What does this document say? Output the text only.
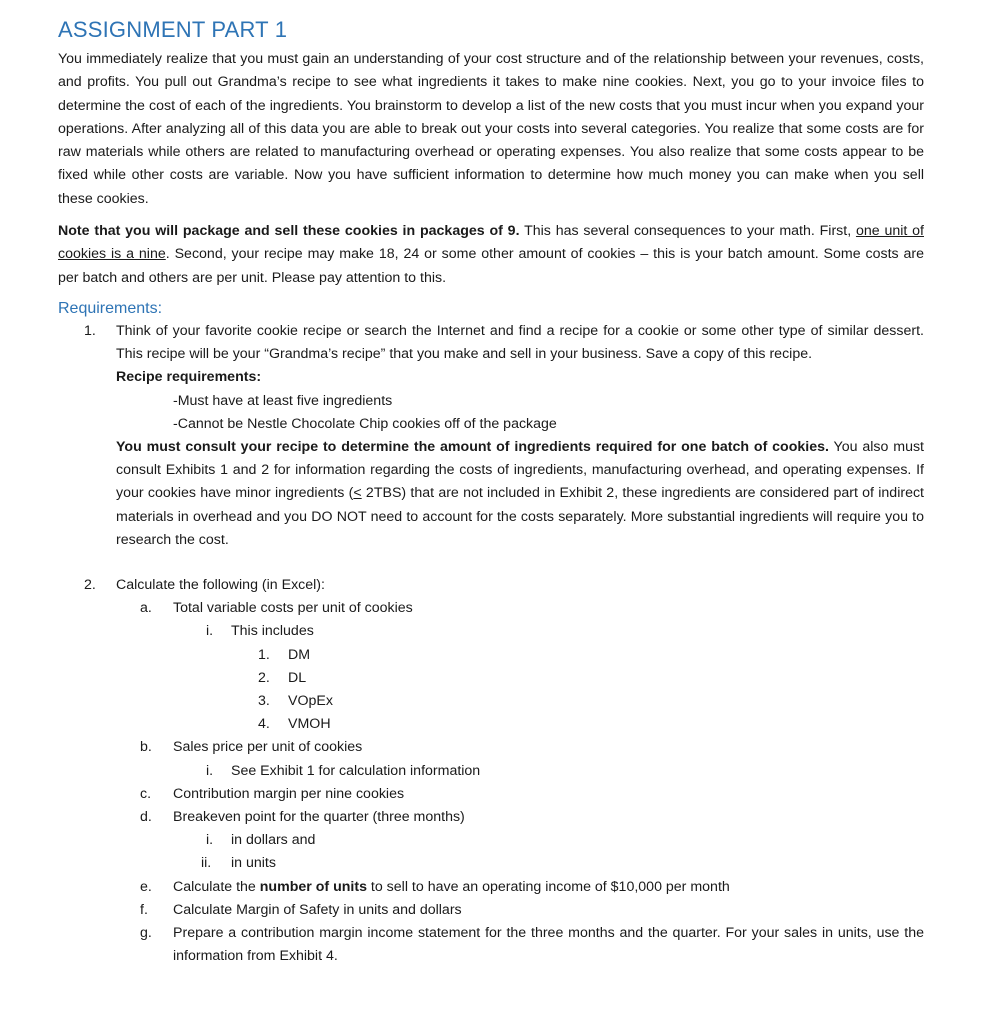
ASSIGNMENT PART 1

You immediately realize that you must gain an understanding of your cost structure and of the relationship between your revenues, costs, and profits. You pull out Grandma’s recipe to see what ingredients it takes to make nine cookies. Next, you go to your invoice files to determine the cost of each of the ingredients. You brainstorm to develop a list of the new costs that you must incur when you expand your operations. After analyzing all of this data you are able to break out your costs into several categories. You realize that some costs are for raw materials while others are related to manufacturing overhead or operating expenses. You also realize that some costs appear to be fixed while other costs are variable. Now you have sufficient information to determine how much money you can make when you sell these cookies.

Note that you will package and sell these cookies in packages of 9. This has several consequences to your math. First, one unit of cookies is a nine. Second, your recipe may make 18, 24 or some other amount of cookies – this is your batch amount. Some costs are per batch and others are per unit. Please pay attention to this.

Requirements:
1. Think of your favorite cookie recipe or search the Internet and find a recipe for a cookie or some other type of similar dessert. This recipe will be your “Grandma’s recipe” that you make and sell in your business. Save a copy of this recipe.
Recipe requirements:
-Must have at least five ingredients
-Cannot be Nestle Chocolate Chip cookies off of the package
You must consult your recipe to determine the amount of ingredients required for one batch of cookies. You also must consult Exhibits 1 and 2 for information regarding the costs of ingredients, manufacturing overhead, and operating expenses. If your cookies have minor ingredients (< 2TBS) that are not included in Exhibit 2, these ingredients are considered part of indirect materials in overhead and you DO NOT need to account for the costs separately. More substantial ingredients will require you to research the cost.
2. Calculate the following (in Excel):
a. Total variable costs per unit of cookies
i. This includes
1. DM
2. DL
3. VOpEx
4. VMOH
b. Sales price per unit of cookies
i. See Exhibit 1 for calculation information
c. Contribution margin per nine cookies
d. Breakeven point for the quarter (three months)
i. in dollars and
ii. in units
e. Calculate the number of units to sell to have an operating income of $10,000 per month
f. Calculate Margin of Safety in units and dollars
g. Prepare a contribution margin income statement for the three months and the quarter. For your sales in units, use the information from Exhibit 4.
